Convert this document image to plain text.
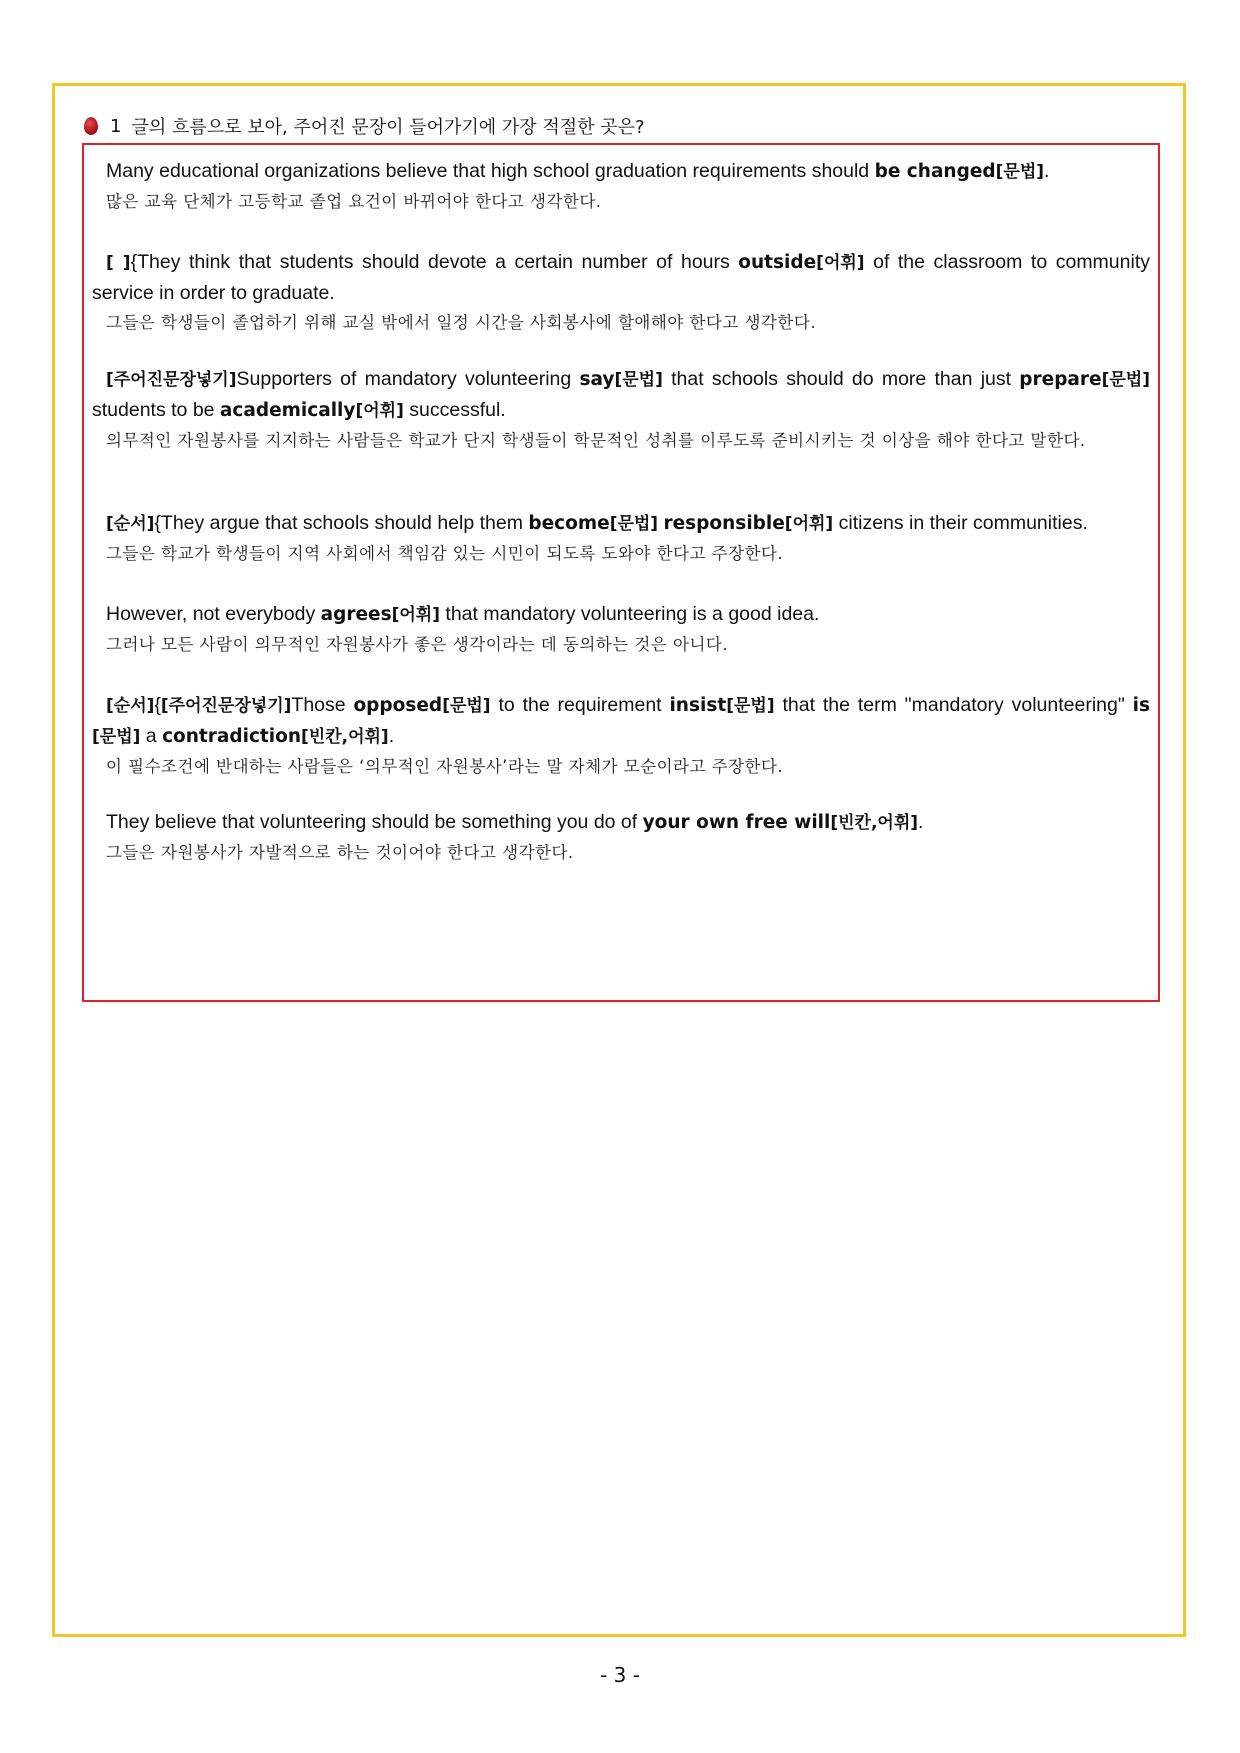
1 글의 흐름으로 보아, 주어진 문장이 들어가기에 가장 적절한 곳은?

Many educational organizations believe that high school graduation requirements should be changed[문법].

많은 교육 단체가 고등학교 졸업 요건이 바뀌어야 한다고 생각한다.

[ ]{They think that students should devote a certain number of hours outside[어휘] of the classroom to community service in order to graduate.

그들은 학생들이 졸업하기 위해 교실 밖에서 일정 시간을 사회봉사에 할애해야 한다고 생각한다.

[주어진문장넣기]Supporters of mandatory volunteering say[문법] that schools should do more than just prepare[문법] students to be academically[어휘] successful.

의무적인 자원봉사를 지지하는 사람들은 학교가 단지 학생들이 학문적인 성취를 이루도록 준비시키는 것 이상을 해야 한다고 말한다.

[순서]{They argue that schools should help them become[문법] responsible[어휘] citizens in their communities.

그들은 학교가 학생들이 지역 사회에서 책임감 있는 시민이 되도록 도와야 한다고 주장한다.

However, not everybody agrees[어휘] that mandatory volunteering is a good idea.

그러나 모든 사람이 의무적인 자원봉사가 좋은 생각이라는 데 동의하는 것은 아니다.

[순서]{[주어진문장넣기]Those opposed[문법] to the requirement insist[문법] that the term "mandatory volunteering" is [문법] a contradiction[빈칸,어휘].

이 필수조건에 반대하는 사람들은 ‘의무적인 자원봉사’라는 말 자체가 모순이라고 주장한다.

They believe that volunteering should be something you do of your own free will[빈칸,어휘].

그들은 자원봉사가 자발적으로 하는 것이어야 한다고 생각한다.

- 3 -
